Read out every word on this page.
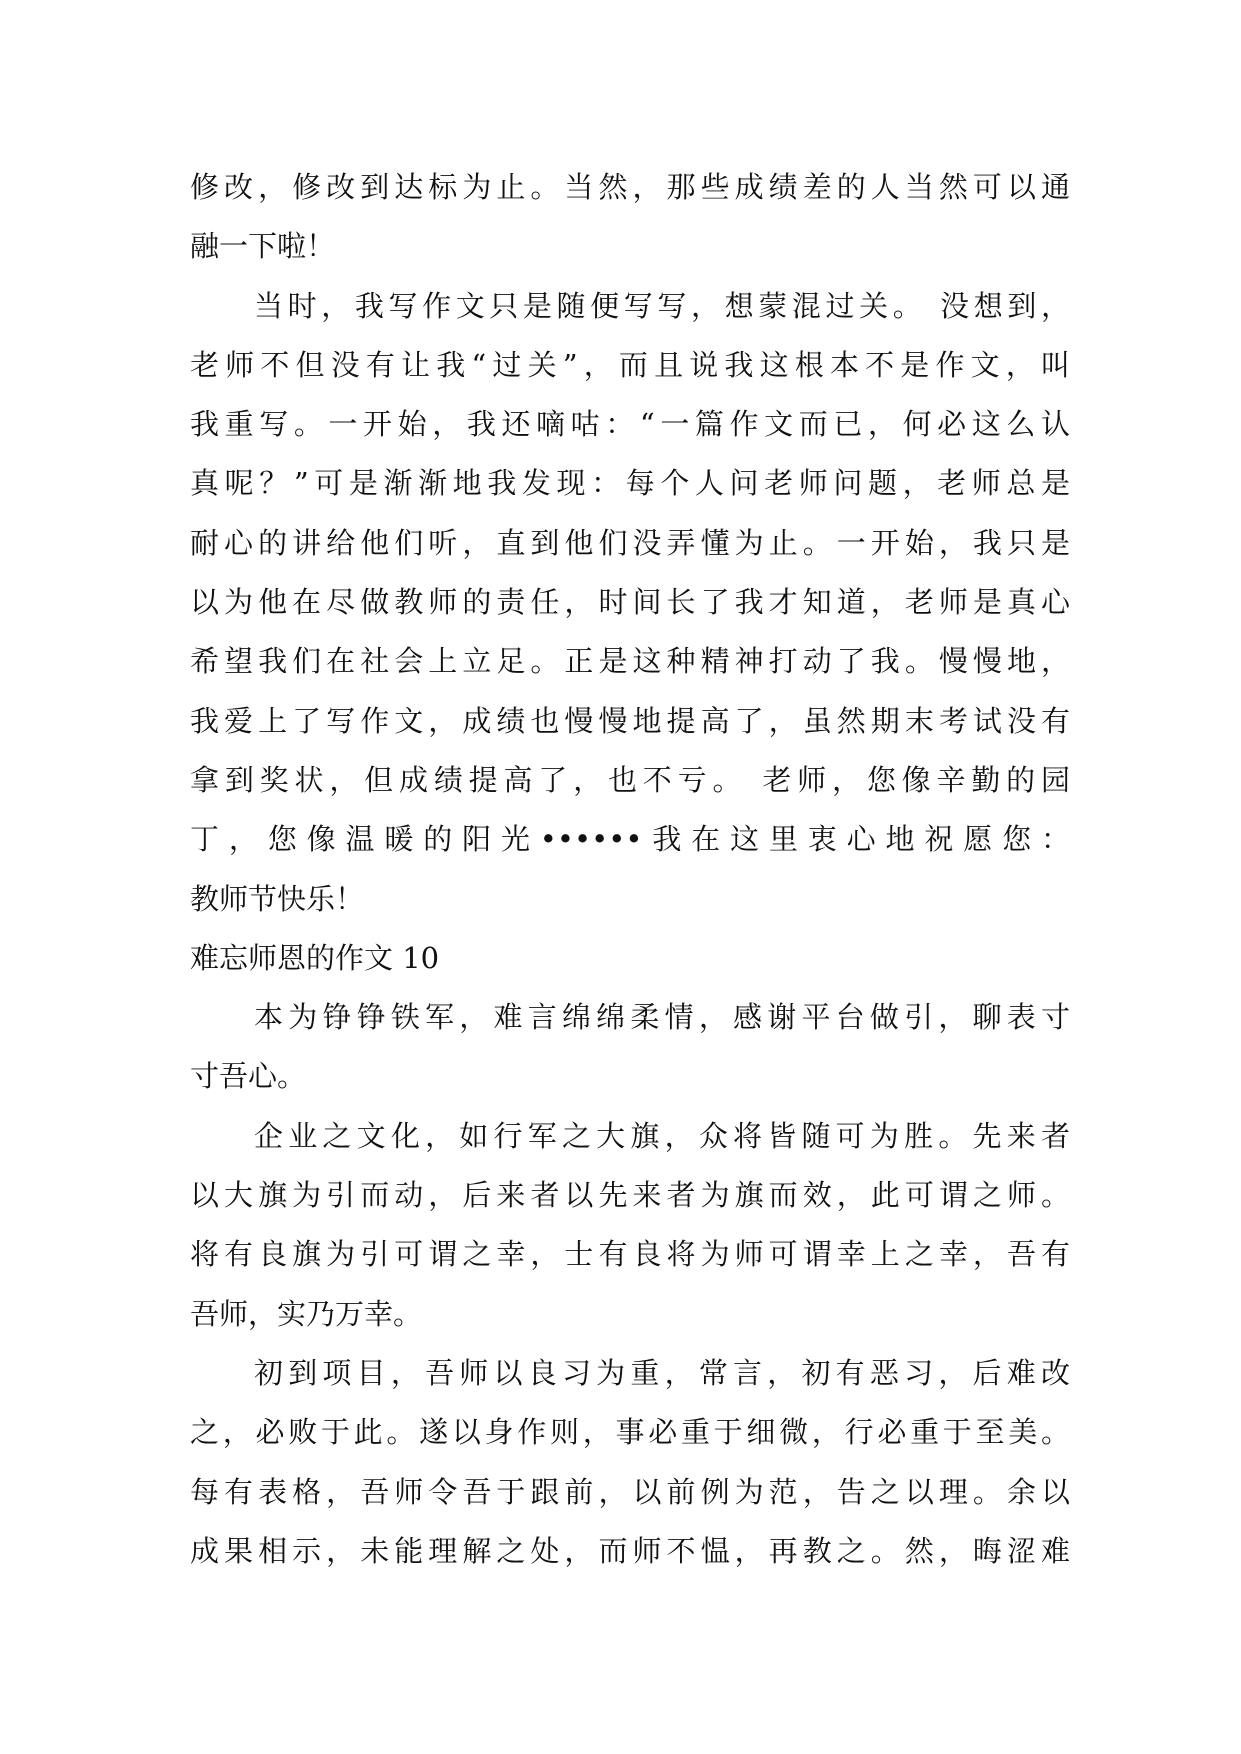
修改，修改到达标为止。当然，那些成绩差的人当然可以通
融一下啦！
当时，我写作文只是随便写写，想蒙混过关。 没想到，
老师不但没有让我“过关”，而且说我这根本不是作文，叫
我重写。一开始，我还嘀咕：“一篇作文而已，何必这么认
真呢？”可是渐渐地我发现：每个人问老师问题，老师总是
耐心的讲给他们听，直到他们没弄懂为止。一开始，我只是
以为他在尽做教师的责任，时间长了我才知道，老师是真心
希望我们在社会上立足。正是这种精神打动了我。慢慢地，
我爱上了写作文，成绩也慢慢地提高了，虽然期末考试没有
拿到奖状，但成绩提高了，也不亏。 老师，您像辛勤的园
丁，您像温暖的阳光••••••我在这里衷心地祝愿您：
教师节快乐！
难忘师恩的作文 10
本为铮铮铁军，难言绵绵柔情，感谢平台做引，聊表寸
寸吾心。
企业之文化，如行军之大旗，众将皆随可为胜。先来者
以大旗为引而动，后来者以先来者为旗而效，此可谓之师。
将有良旗为引可谓之幸，士有良将为师可谓幸上之幸，吾有
吾师，实乃万幸。
初到项目，吾师以良习为重，常言，初有恶习，后难改
之，必败于此。遂以身作则，事必重于细微，行必重于至美。
每有表格，吾师令吾于跟前，以前例为范，告之以理。余以
成果相示，未能理解之处，而师不愠，再教之。然，晦涩难
